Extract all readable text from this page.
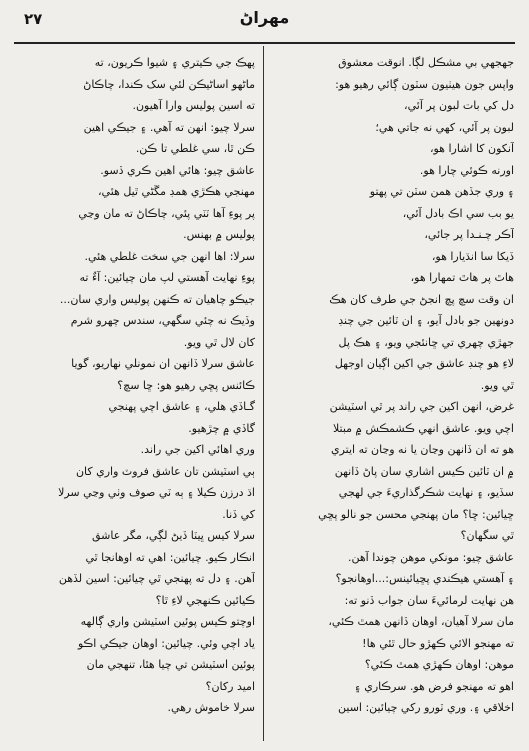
٢٧	مهراڻ
جهجهي بي مشڪل لڳا. انوقت معشوق
واپس جون هيٺيون سٽون ڳائي رهيو هو:
دل کي بات لبون پر آئي،
لبون پر آئي، کهي نه جاتي هي؛
آنکون کا اشارا هو،
اورنه ڪوئي چارا هو.
۽ وري جڏهن همن سٽن تي پهتو
يو بب سي اڪ بادل آئي،
آڪر چـنـدا پر جائي،
ڏيکا سا انڌيارا هو،
هاٿ پر هاٿ تمهارا هو،
ان وقت سچ پچ انجڻ جي طرف کان هڪ
دونهين جو بادل آيو، ۽ ان ٽائين جي چنڊ
جهڙي چهري تي ڇانئجي ويو، ۽ هڪ پل
لاءِ هو چنڊ عاشق جي اکين اڳيان اوجهل
ٿي ويو.
غرض، انهن اکين جي راند پر ٿي اسٽيشن
اچي ويو. عاشق انهي ڪشمڪش ۾ مبتلا
هو ته ان ڏانهن وڃان يا نه وڃان ته ايتري
۾ ان ٽائين ڪيس اشاري سان پاڻ ڏانهن
سڏيو، ۽ نهايت شڪرگذاريءَ جي لهجي
ڇيائين: ڇا؟ مان پهنجي محسن جو نالو پڇي
ٿي سگهان؟
عاشق چيو: مونکي موهن چوندا آهن.
۽ آهستي هيڪندي پڇيائينس:...اوهانجو؟
هن نهايت لرمائيءَ سان جواب ڏنو ته:
مان سرلا آهيان، اوهان ڏانهن همٿ ڪئي،
ته مهنجو الائي ڪهڙو حال ٿئي ها!
موهن: اوهان ڪهڙي همٿ ڪئي؟
اهو ته مهنجو فرض هو. سرڪاري ۽
اخلاقي ۽. وري ٽورو رکي چيائين: اسين
پهڪ جي ڪيتري ۽ شيوا ڪريون، ته
ماڻهو اساڻيڪن لئي سک ڪندا، چاڪاڻ
ته اسين پوليس وارا آهيون.
سرلا چيو: انهن ته آهي. ۽ جيڪي اهين
ڪن ٿا، سي غلطي تا ڪن.
عاشق چيو: هائي اهين ڪري ڏسو.
مهنجي هڪڙي همڊ مڱڻي ٿيل هئي،
پر پوءِ آها ٽٽي پئي، چاڪاڻ ته مان وڃي
پوليس ۾ بهنس.
سرلا: اها انهن جي سخت غلطي هئي.
پوءِ نهايت آهستي لپ مان چيائين: آءٌ ته
جيڪو چاهيان ته ڪنهن پوليس واري سان...
وڏيڪ نه چئي سگهي، سندس چهرو شرم
کان لال ٿي ويو.
عاشق سرلا ڏانهن ان نمونلي نهاريو، گويا
ڪائنس پڇي رهيو هو: ڇا سچ؟
گـاڏي هلي، ۽ عاشق اچي پهنجي
گاڏي ۾ چڙهيو.
وري اهائي اکين جي راند.
ٻي اسٽيشن تان عاشق فروٽ واري کان
اڌ درزن ڪيلا ۽ ٻه ٽي صوف وٺي وڃي سرلا
کي ڏنا.
سرلا کيس ڀيٽا ڏيڻ لڳي، مگر عاشق
انڪار ڪيو. چيائين: اهي ته اوهانجا ٿي
آهن. ۽ دل ته پهنجي ٿي چيائين: اسين لڏهن
ڪيائين ڪنهجي لاءِ ٿا؟
اوچتو ڪيس پوئين اسٽيشن واري ڳالهه
ياد اچي وئي. چيائين: اوهان جيڪي اڪو
پوئين اسٽيشن تي چيا هئا، تنهجي مان
اميد رکان؟
سرلا خاموش رهي.
